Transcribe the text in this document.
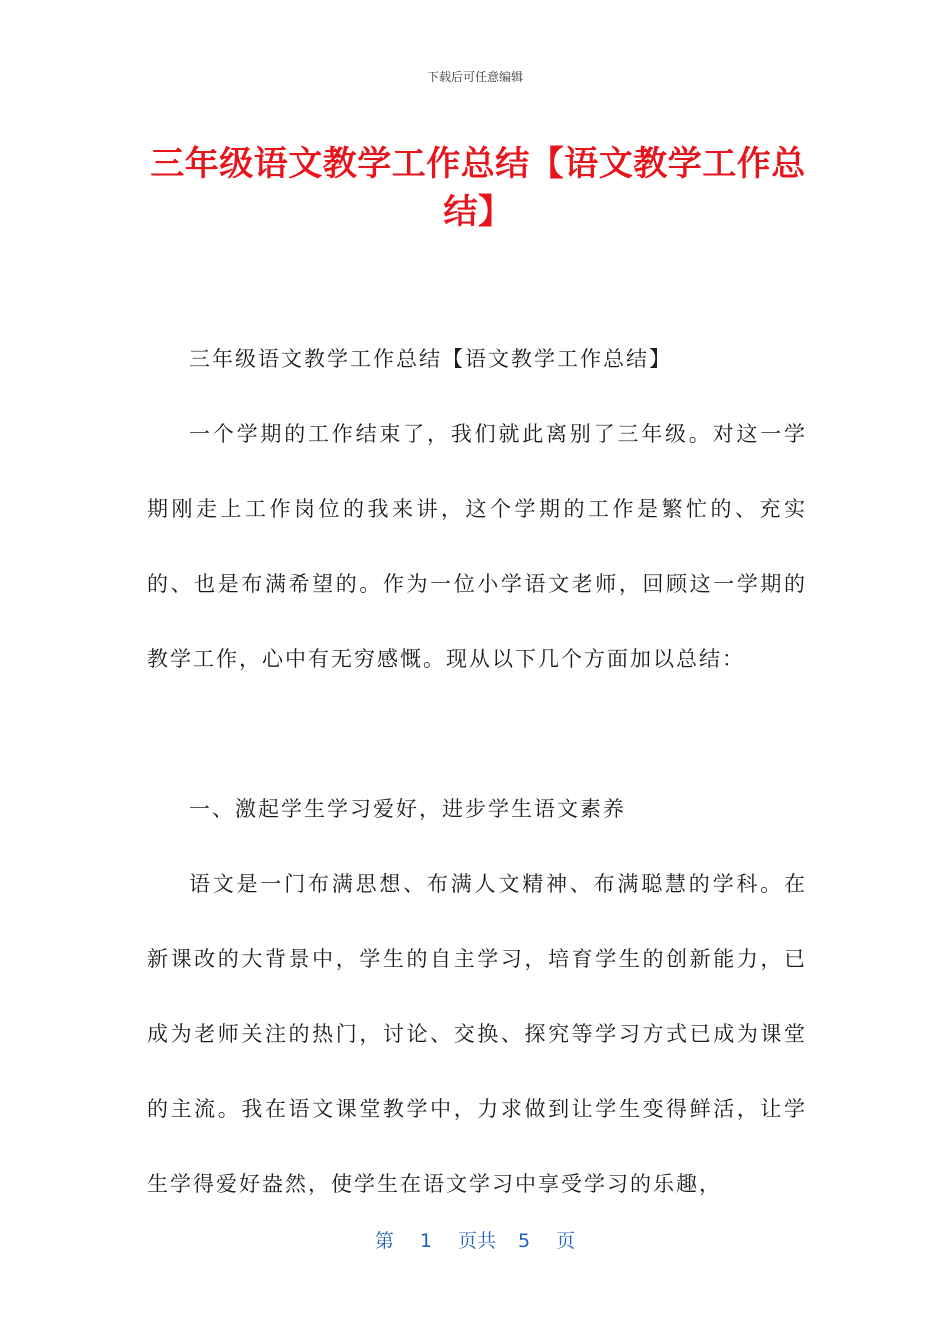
下载后可任意编辑
三年级语文教学工作总结【语文教学工作总结】

三年级语文教学工作总结【语文教学工作总结】

一个学期的工作结束了，我们就此离别了三年级。对这一学期刚走上工作岗位的我来讲，这个学期的工作是繁忙的、充实的、也是布满希望的。作为一位小学语文老师，回顾这一学期的教学工作，心中有无穷感慨。现从以下几个方面加以总结：

一、激起学生学习爱好，进步学生语文素养

语文是一门布满思想、布满人文精神、布满聪慧的学科。在新课改的大背景中，学生的自主学习，培育学生的创新能力，已成为老师关注的热门，讨论、交换、探究等学习方式已成为课堂的主流。我在语文课堂教学中，力求做到让学生变得鲜活，让学生学得爱好盎然，使学生在语文学习中享受学习的乐趣，

第 1 页共 5 页
